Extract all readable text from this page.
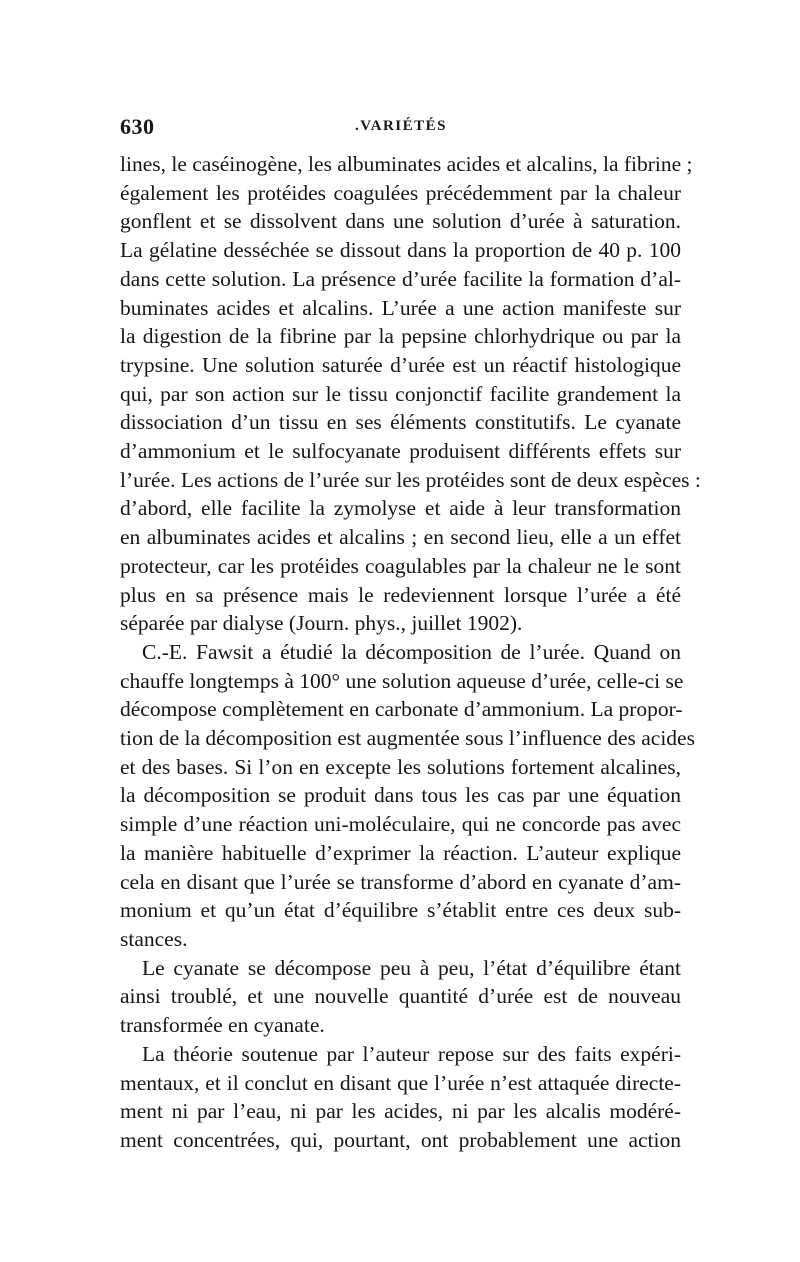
630	.VARIÉTÉS

lines, le caséinogène, les albuminates acides et alcalins, la fibrine ;

également les protéides coagulées précédemment par la chaleur

gonflent et se dissolvent dans une solution d’urée à saturation.

La gélatine desséchée se dissout dans la proportion de 40 p. 100

dans cette solution. La présence d’urée facilite la formation d’al-

buminates acides et alcalins. L’urée a une action manifeste sur

la digestion de la fibrine par la pepsine chlorhydrique ou par la

trypsine. Une solution saturée d’urée est un réactif histologique

qui, par son action sur le tissu conjonctif facilite grandement la

dissociation d’un tissu en ses éléments constitutifs. Le cyanate

d’ammonium et le sulfocyanate produisent différents effets sur

l’urée. Les actions de l’urée sur les protéides sont de deux espèces :

d’abord, elle facilite la zymolyse et aide à leur transformation

en albuminates acides et alcalins ; en second lieu, elle a un effet

protecteur, car les protéides coagulables par la chaleur ne le sont

plus en sa présence mais le redeviennent lorsque l’urée a été

séparée par dialyse (Journ. phys., juillet 1902).

C.-E. Fawsit a étudié la décomposition de l’urée. Quand on

chauffe longtemps à 100° une solution aqueuse d’urée, celle-ci se

décompose complètement en carbonate d’ammonium. La propor-

tion de la décomposition est augmentée sous l’influence des acides

et des bases. Si l’on en excepte les solutions fortement alcalines,

la décomposition se produit dans tous les cas par une équation

simple d’une réaction uni-moléculaire, qui ne concorde pas avec

la manière habituelle d’exprimer la réaction. L’auteur explique

cela en disant que l’urée se transforme d’abord en cyanate d’am-

monium et qu’un état d’équilibre s’établit entre ces deux sub-

stances.

Le cyanate se décompose peu à peu, l’état d’équilibre étant

ainsi troublé, et une nouvelle quantité d’urée est de nouveau

transformée en cyanate.

La théorie soutenue par l’auteur repose sur des faits expéri-

mentaux, et il conclut en disant que l’urée n’est attaquée directe-

ment ni par l’eau, ni par les acides, ni par les alcalis modéré-

ment concentrées, qui, pourtant, ont probablement une action
